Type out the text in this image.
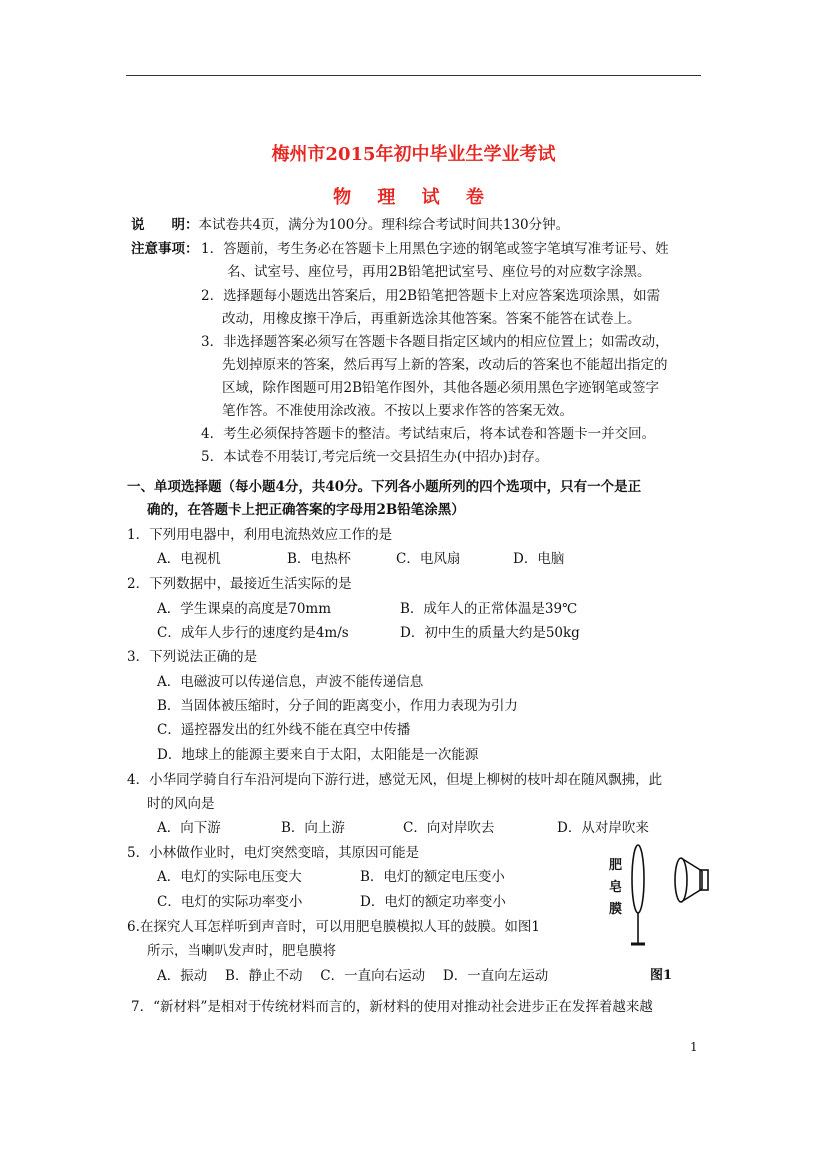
梅州市2015年初中毕业生学业考试
物 理 试 卷
说　　明：本试卷共4页，满分为100分。理科综合考试时间共130分钟。
注意事项： 1．答题前，考生务必在答题卡上用黑色字迹的钢笔或签字笔填写准考证号、姓
名、试室号、座位号，再用2B铅笔把试室号、座位号的对应数字涂黑。
2．选择题每小题选出答案后，用2B铅笔把答题卡上对应答案选项涂黑，如需
改动，用橡皮擦干净后，再重新选涂其他答案。答案不能答在试卷上。
3．非选择题答案必须写在答题卡各题目指定区域内的相应位置上；如需改动，
先划掉原来的答案，然后再写上新的答案，改动后的答案也不能超出指定的
区域，除作图题可用2B铅笔作图外，其他各题必须用黑色字迹钢笔或签字
笔作答。不准使用涂改液。不按以上要求作答的答案无效。
4．考生必须保持答题卡的整洁。考试结束后，将本试卷和答题卡一并交回。
5．本试卷不用装订,考完后统一交县招生办(中招办)封存。
一、单项选择题（每小题4分，共40分。下列各小题所列的四个选项中，只有一个是正
确的，在答题卡上把正确答案的字母用2B铅笔涂黑）
1．下列用电器中，利用电流热效应工作的是
A．电视机	B．电热杯	C．电风扇	D．电脑
2．下列数据中，最接近生活实际的是
A．学生课桌的高度是70mm	B．成年人的正常体温是39℃
C．成年人步行的速度约是4m/s	D．初中生的质量大约是50kg
3．下列说法正确的是
A．电磁波可以传递信息，声波不能传递信息
B．当固体被压缩时，分子间的距离变小，作用力表现为引力
C．遥控器发出的红外线不能在真空中传播
D．地球上的能源主要来自于太阳，太阳能是一次能源
4．小华同学骑自行车沿河堤向下游行进，感觉无风，但堤上柳树的枝叶却在随风飘拂，此
时的风向是
A．向下游	B．向上游	C．向对岸吹去	D．从对岸吹来
5．小林做作业时，电灯突然变暗，其原因可能是
A．电灯的实际电压变大	B．电灯的额定电压变小
C．电灯的实际功率变小	D．电灯的额定功率变小
6.在探究人耳怎样听到声音时，可以用肥皂膜模拟人耳的鼓膜。如图1
所示，当喇叭发声时，肥皂膜将
A．振动　 B．静止不动　 C．一直向右运动　 D．一直向左运动
7．“新材料”是相对于传统材料而言的，新材料的使用对推动社会进步正在发挥着越来越
肥
皂
膜
图1
1
